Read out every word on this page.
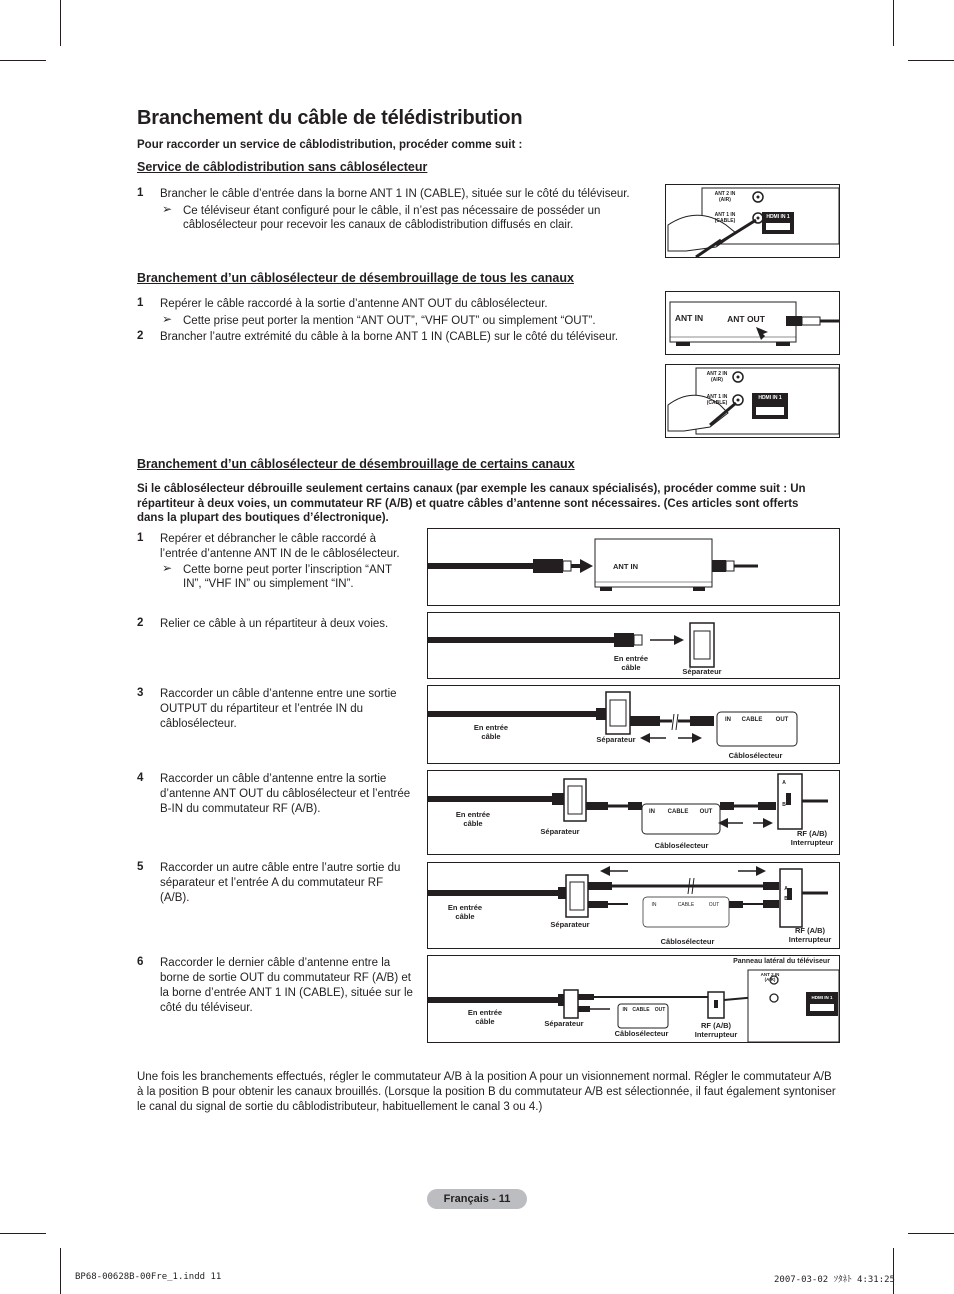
Branchement du câble de télédistribution
Pour raccorder un service de câblodistribution, procéder comme suit :
Service de câblodistribution sans câblosélecteur
1 Brancher le câble d’entrée dans la borne ANT 1 IN (CABLE), située sur le côté du téléviseur.
➢ Ce téléviseur étant configuré pour le câble, il n’est pas nécessaire de posséder un câblosélecteur pour recevoir les canaux de câblodistribution diffusés en clair.
ANT 2 IN (AIR)
ANT 1 IN (CABLE)
HDMI IN 1
Branchement d’un câblosélecteur de désembrouillage de tous les canaux
1 Repérer le câble raccordé à la sortie d’antenne ANT OUT du câblosélecteur.
➢ Cette prise peut porter la mention “ANT OUT”, “VHF OUT” ou simplement “OUT”.
2 Brancher l’autre extrémité du câble à la borne ANT 1 IN (CABLE) sur le côté du téléviseur.
ANT IN	ANT OUT
ANT 2 IN (AIR)
ANT 1 IN (CABLE)
HDMI IN 1
Branchement d’un câblosélecteur de désembrouillage de certains canaux
Si le câblosélecteur débrouille seulement certains canaux (par exemple les canaux spécialisés), procéder comme suit : Un répartiteur à deux voies, un commutateur RF (A/B) et quatre câbles d’antenne sont nécessaires. (Ces articles sont offerts dans la plupart des boutiques d’électronique).
1 Repérer et débrancher le câble raccordé à l’entrée d’antenne ANT IN de le câblosélecteur.
➢ Cette borne peut porter l’inscription “ANT IN”, “VHF IN” ou simplement “IN”.
2 Relier ce câble à un répartiteur à deux voies.
3 Raccorder un câble d’antenne entre une sortie OUTPUT du répartiteur et l’entrée IN du câblosélecteur.
4 Raccorder un câble d’antenne entre la sortie d’antenne ANT OUT du câblosélecteur et l’entrée B-IN du commutateur RF (A/B).
5 Raccorder un autre câble entre l’autre sortie du séparateur et l’entrée A du commutateur RF (A/B).
6 Raccorder le dernier câble d’antenne entre la borne de sortie OUT du commutateur RF (A/B) et la borne d’entrée ANT 1 IN (CABLE), située sur le côté du téléviseur.
ANT IN
En entrée câble	Séparateur
En entrée câble	Séparateur
IN	CABLE	OUT
Câblosélecteur
En entrée câble
Séparateur
IN	CABLE	OUT
Câblosélecteur
A
B
RF (A/B) Interrupteur
En entrée câble
Séparateur
IN	CABLE	OUT
Câblosélecteur
A
B
RF (A/B) Interrupteur
Panneau latéral du téléviseur
ANT 2 IN (AIR)
HDMI IN 1
En entrée câble	Séparateur
IN CABLE OUT
Câblosélecteur
RF (A/B) Interrupteur
Une fois les branchements effectués, régler le commutateur A/B à la position A pour un visionnement normal. Régler le commutateur A/B à la position B pour obtenir les canaux brouillés. (Lorsque la position B du commutateur A/B est sélectionnée, il faut également syntoniser le canal du signal de sortie du câblodistributeur, habituellement le canal 3 ou 4.)
Français - 11
BP68-00628B-00Fre_1.indd 11	2007-03-02 ｿﾀﾈﾄ 4:31:25
